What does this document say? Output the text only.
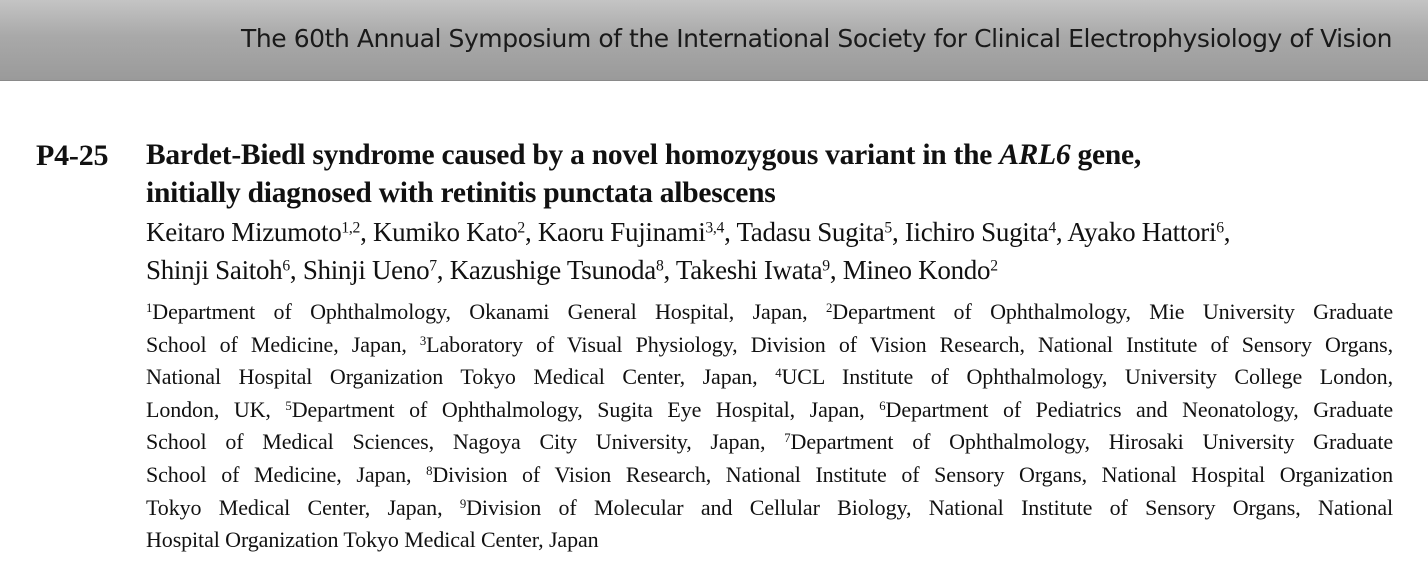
The 60th Annual Symposium of the International Society for Clinical Electrophysiology of Vision
P4-25 Bardet-Biedl syndrome caused by a novel homozygous variant in the ARL6 gene,
initially diagnosed with retinitis punctata albescens
Keitaro Mizumoto$^{1,2}$, Kumiko Kato$^2$, Kaoru Fujinami$^{3,4}$, Tadasu Sugita$^5$, Iichiro Sugita$^4$, Ayako Hattori$^6$,
Shinji Saitoh$^6$, Shinji Ueno$^7$, Kazushige Tsunoda$^8$, Takeshi Iwata$^9$, Mineo Kondo$^2$
$^1$Department of Ophthalmology, Okanami General Hospital, Japan, $^2$Department of Ophthalmology, Mie University Graduate
School of Medicine, Japan, $^3$Laboratory of Visual Physiology, Division of Vision Research, National Institute of Sensory Organs,
National Hospital Organization Tokyo Medical Center, Japan, $^4$UCL Institute of Ophthalmology, University College London,
London, UK, $^5$Department of Ophthalmology, Sugita Eye Hospital, Japan, $^6$Department of Pediatrics and Neonatology, Graduate
School of Medical Sciences, Nagoya City University, Japan, $^7$Department of Ophthalmology, Hirosaki University Graduate
School of Medicine, Japan, $^8$Division of Vision Research, National Institute of Sensory Organs, National Hospital Organization
Tokyo Medical Center, Japan, $^9$Division of Molecular and Cellular Biology, National Institute of Sensory Organs, National
Hospital Organization Tokyo Medical Center, Japan
